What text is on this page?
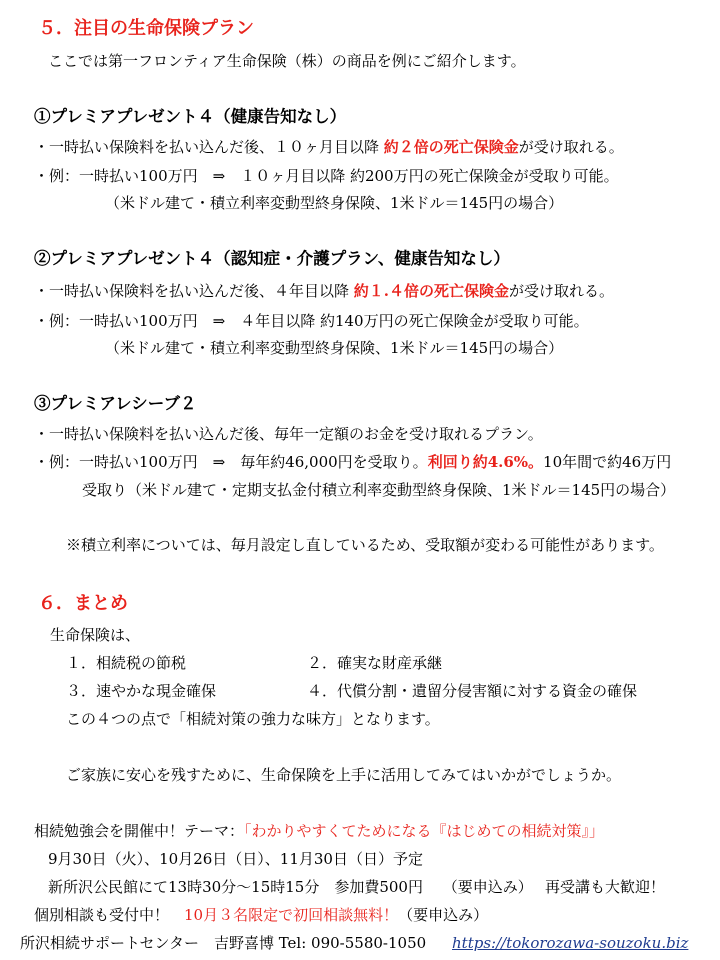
５．注目の生命保険プラン
ここでは第一フロンティア生命保険（株）の商品を例にご紹介します。
①プレミアプレゼント４（健康告知なし）
・一時払い保険料を払い込んだ後、１０ヶ月目以降 約２倍の死亡保険金が受け取れる。
・例：一時払い100万円　⇒　１０ヶ月目以降 約200万円の死亡保険金が受取り可能。
（米ドル建て・積立利率変動型終身保険、1米ドル＝145円の場合）
②プレミアプレゼント４（認知症・介護プラン、健康告知なし）
・一時払い保険料を払い込んだ後、４年目以降 約１.４倍の死亡保険金が受け取れる。
・例：一時払い100万円　⇒　４年目以降 約140万円の死亡保険金が受取り可能。
（米ドル建て・積立利率変動型終身保険、1米ドル＝145円の場合）
③プレミアレシーブ２
・一時払い保険料を払い込んだ後、毎年一定額のお金を受け取れるプラン。
・例：一時払い100万円　⇒　毎年約46,000円を受取り。利回り約4.6%。10年間で約46万円
受取り（米ドル建て・定期支払金付積立利率変動型終身保険、1米ドル＝145円の場合）
※積立利率については、毎月設定し直しているため、受取額が変わる可能性があります。
６．まとめ
生命保険は、
１．相続税の節税	２．確実な財産承継
３．速やかな現金確保	４．代償分割・遺留分侵害額に対する資金の確保
この４つの点で「相続対策の強力な味方」となります。
ご家族に安心を残すために、生命保険を上手に活用してみてはいかがでしょうか。
相続勉強会を開催中！テーマ：「わかりやすくてためになる『はじめての相続対策』」
9月30日（火）、10月26日（日）、11月30日（日）予定
新所沢公民館にて13時30分～15時15分　参加費500円　 （要申込み）　 再受講も大歓迎！
個別相談も受付中！　10月３名限定で初回相談無料！（要申込み）
所沢相続サポートセンター　吉野喜博 Tel: 090-5580-1050 https://tokorozawa-souzoku.biz
